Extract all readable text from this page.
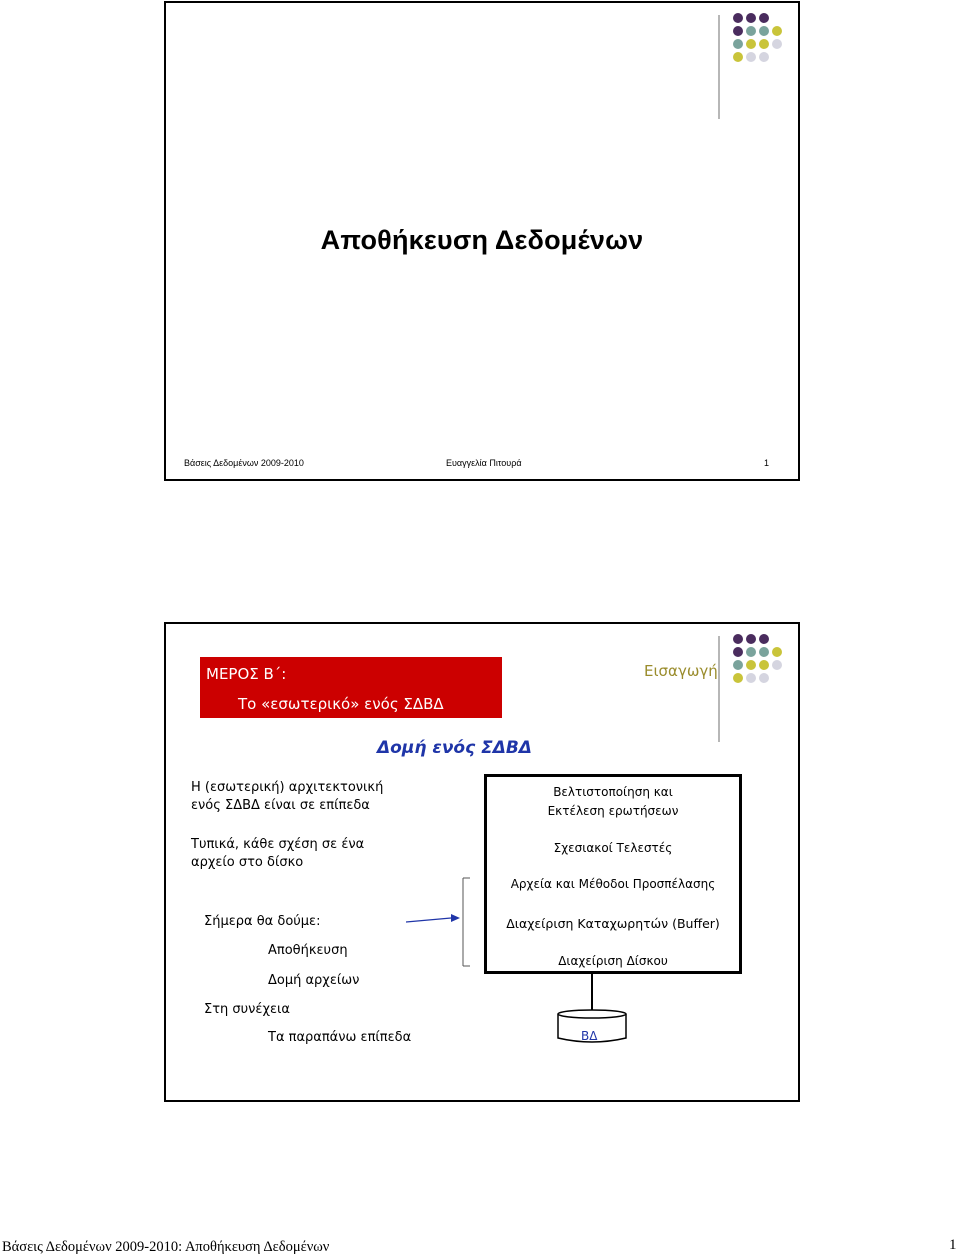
Αποθήκευση Δεδομένων
Βάσεις Δεδομένων 2009-2010	Ευαγγελία Πιτουρά	1
ΜΕΡΟΣ Β΄:
Το «εσωτερικό» ενός ΣΔΒΔ
Εισαγωγή
Δομή ενός ΣΔΒΔ
Η (εσωτερική) αρχιτεκτονική
ενός ΣΔΒΔ είναι σε επίπεδα
Τυπικά, κάθε σχέση σε ένα
αρχείο στο δίσκο
Σήμερα θα δούμε:
Αποθήκευση
Δομή αρχείων
Στη συνέχεια
Τα παραπάνω επίπεδα
Βελτιστοποίηση και
Εκτέλεση ερωτήσεων
Σχεσιακοί Τελεστές
Αρχεία και Μέθοδοι Προσπέλασης
Διαχείριση Καταχωρητών (Buffer)
Διαχείριση Δίσκου
ΒΔ
Βάσεις Δεδομένων 2009-2010: Αποθήκευση Δεδομένων	1
